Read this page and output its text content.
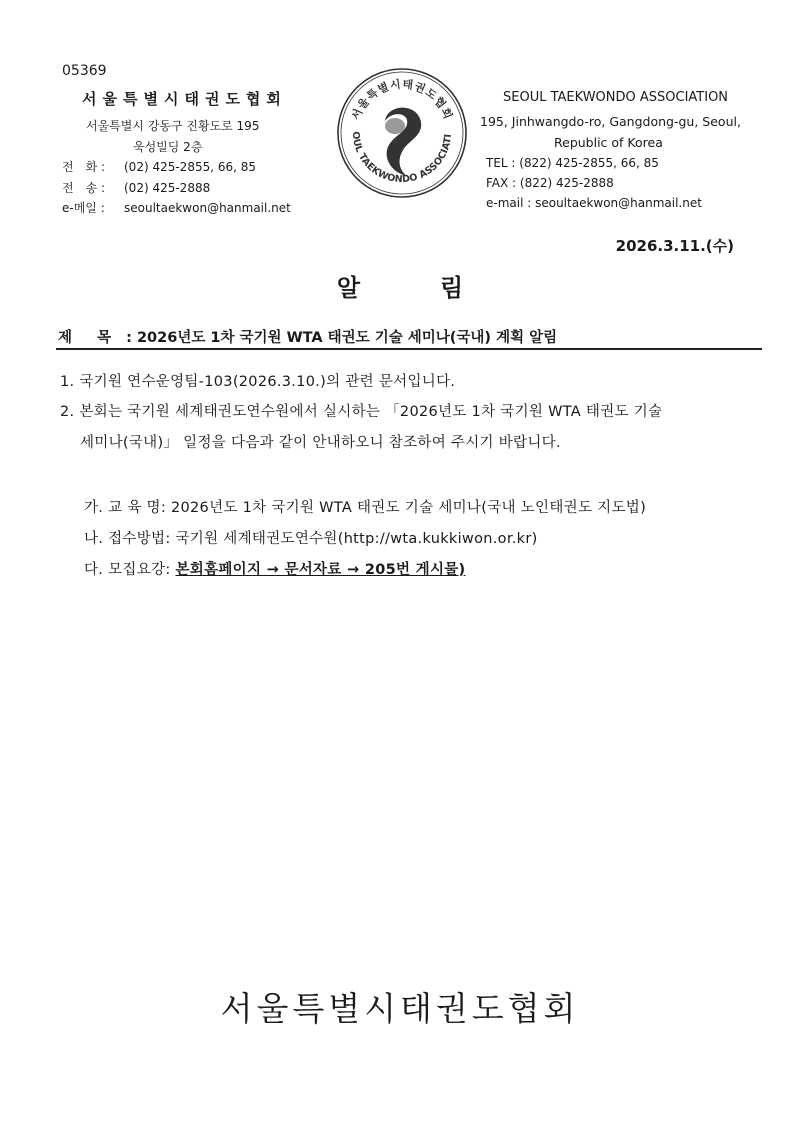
05369
서울특별시태권도협회
서울특별시 강동구 진황도로 195
욱성빌딩 2층
전　화 : (02) 425-2855, 66, 85
전　송 : (02) 425-2888
e-메일 : seoultaekwon@hanmail.net
서울특별시태권도협회
OUL TAEKWONDO ASSOCIATI
SEOUL TAEKWONDO ASSOCIATION
195, Jinhwangdo-ro, Gangdong-gu, Seoul,
Republic of Korea
TEL : (822) 425-2855, 66, 85
FAX : (822) 425-2888
e-mail : seoultaekwon@hanmail.net
2026.3.11.(수)
알	림
제 목 : 2026년도 1차 국기원 WTA 태권도 기술 세미나(국내) 계획 알림
1. 국기원 연수운영팀-103(2026.3.10.)의 관련 문서입니다.
2. 본회는 국기원 세계태권도연수원에서 실시하는 「2026년도 1차 국기원 WTA 태권도 기술
세미나(국내)」 일정을 다음과 같이 안내하오니 참조하여 주시기 바랍니다.
가. 교 육 명: 2026년도 1차 국기원 WTA 태권도 기술 세미나(국내 노인태권도 지도법)
나. 접수방법: 국기원 세계태권도연수원(http://wta.kukkiwon.or.kr)
다. 모집요강: 본회홈페이지 → 문서자료 → 205번 게시물)
서울특별시태권도협회
